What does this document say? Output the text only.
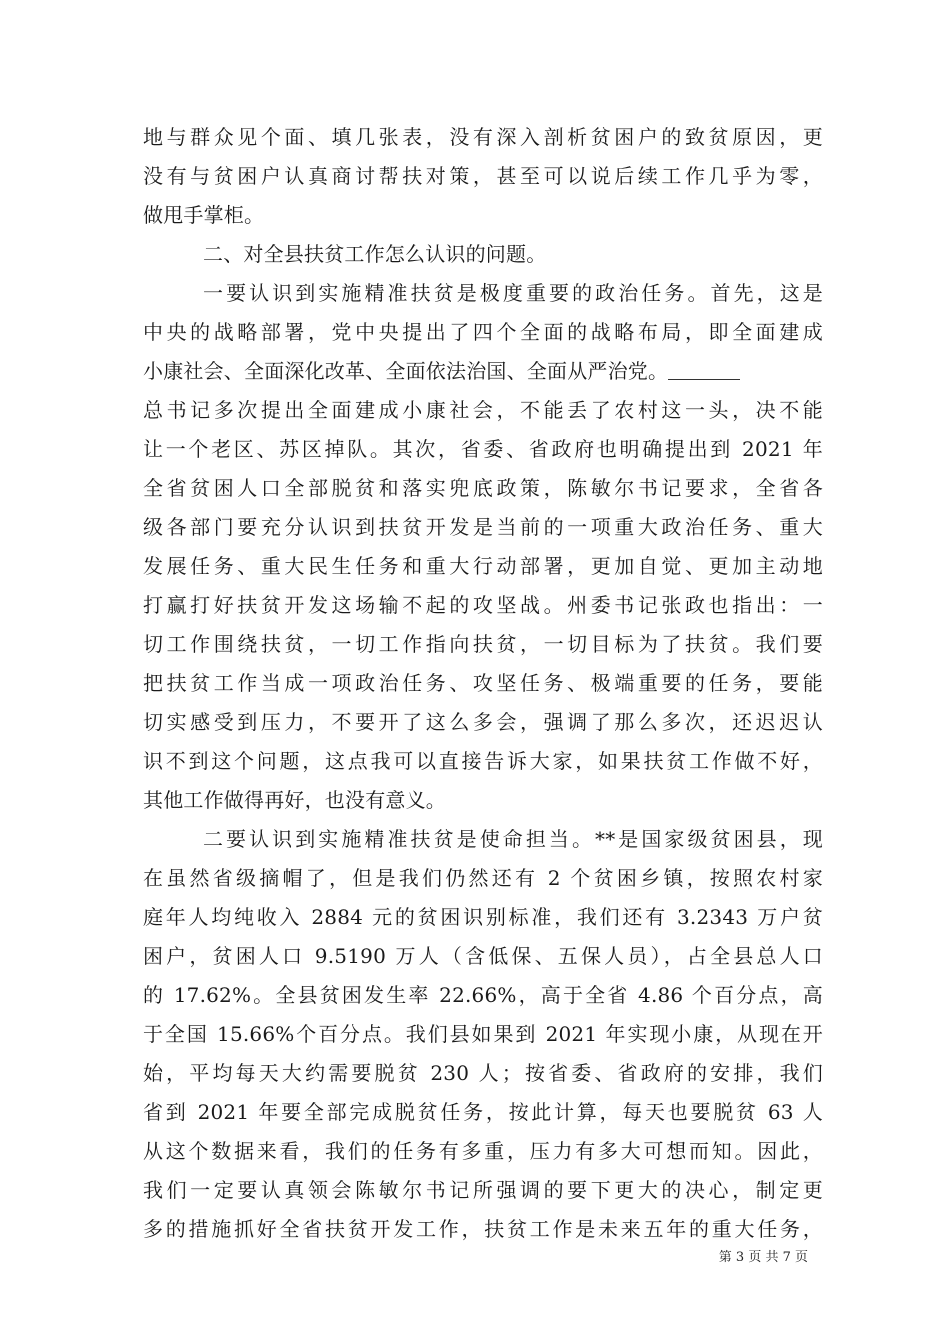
地与群众见个面、填几张表，没有深入剖析贫困户的致贫原因，更
没有与贫困户认真商讨帮扶对策，甚至可以说后续工作几乎为零，
做甩手掌柜。
二、对全县扶贫工作怎么认识的问题。
一要认识到实施精准扶贫是极度重要的政治任务。首先，这是
中央的战略部署，党中央提出了四个全面的战略布局，即全面建成
小康社会、全面深化改革、全面依法治国、全面从严治党。
总书记多次提出全面建成小康社会，不能丢了农村这一头，决不能
让一个老区、苏区掉队。其次，省委、省政府也明确提出到 2021 年
全省贫困人口全部脱贫和落实兜底政策，陈敏尔书记要求，全省各
级各部门要充分认识到扶贫开发是当前的一项重大政治任务、重大
发展任务、重大民生任务和重大行动部署，更加自觉、更加主动地
打赢打好扶贫开发这场输不起的攻坚战。州委书记张政也指出：一
切工作围绕扶贫，一切工作指向扶贫，一切目标为了扶贫。我们要
把扶贫工作当成一项政治任务、攻坚任务、极端重要的任务，要能
切实感受到压力，不要开了这么多会，强调了那么多次，还迟迟认
识不到这个问题，这点我可以直接告诉大家，如果扶贫工作做不好，
其他工作做得再好，也没有意义。
二要认识到实施精准扶贫是使命担当。**是国家级贫困县，现
在虽然省级摘帽了，但是我们仍然还有 2 个贫困乡镇，按照农村家
庭年人均纯收入 2884 元的贫困识别标准，我们还有 3.2343 万户贫
困户，贫困人口 9.5190 万人（含低保、五保人员），占全县总人口
的 17.62%。全县贫困发生率 22.66%，高于全省 4.86 个百分点，高
于全国 15.66%个百分点。我们县如果到 2021 年实现小康，从现在开
始，平均每天大约需要脱贫 230 人；按省委、省政府的安排，我们
省到 2021 年要全部完成脱贫任务，按此计算，每天也要脱贫 63 人
从这个数据来看，我们的任务有多重，压力有多大可想而知。因此，
我们一定要认真领会陈敏尔书记所强调的要下更大的决心，制定更
多的措施抓好全省扶贫开发工作，扶贫工作是未来五年的重大任务，
第 3 页 共 7 页
